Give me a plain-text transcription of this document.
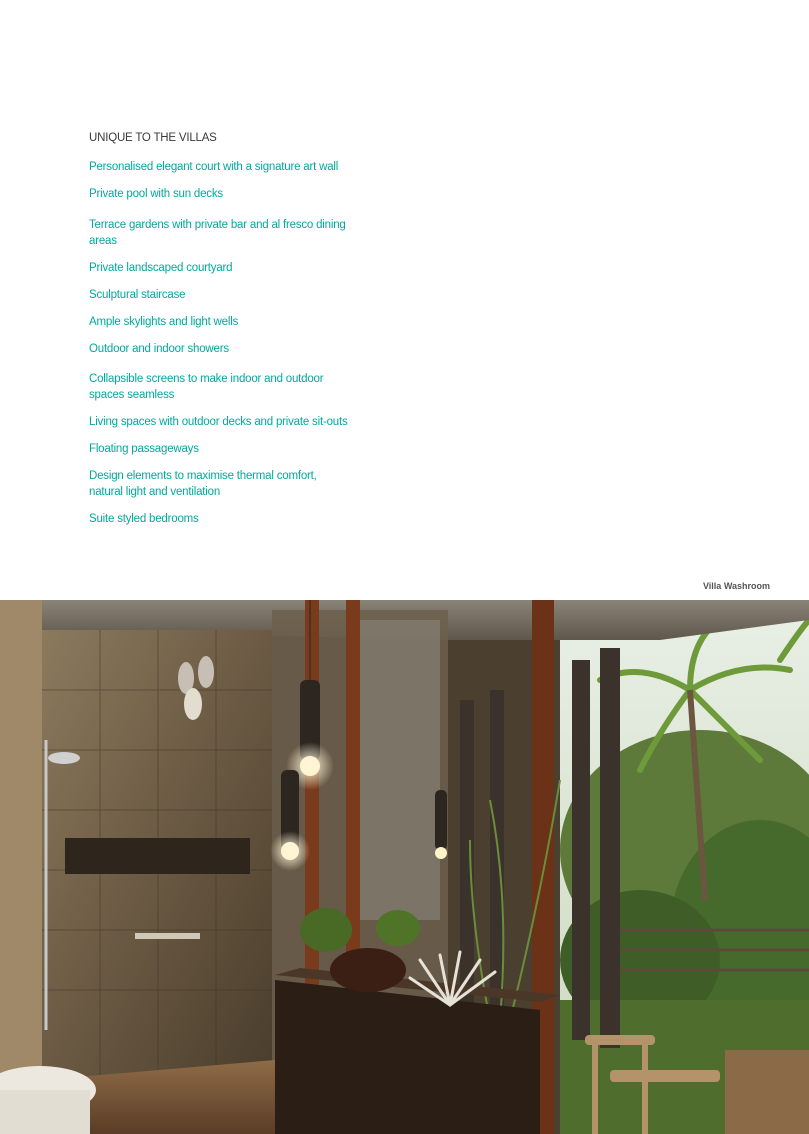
UNIQUE TO THE VILLAS
Personalised elegant court with a signature art wall
Private pool with sun decks
Terrace gardens with private bar and al fresco dining areas
Private landscaped courtyard
Sculptural staircase
Ample skylights and light wells
Outdoor and indoor showers
Collapsible screens to make indoor and outdoor spaces seamless
Living spaces with outdoor decks and private sit-outs
Floating passageways
Design elements to maximise thermal comfort, natural light and ventilation
Suite styled bedrooms
Villa Washroom
